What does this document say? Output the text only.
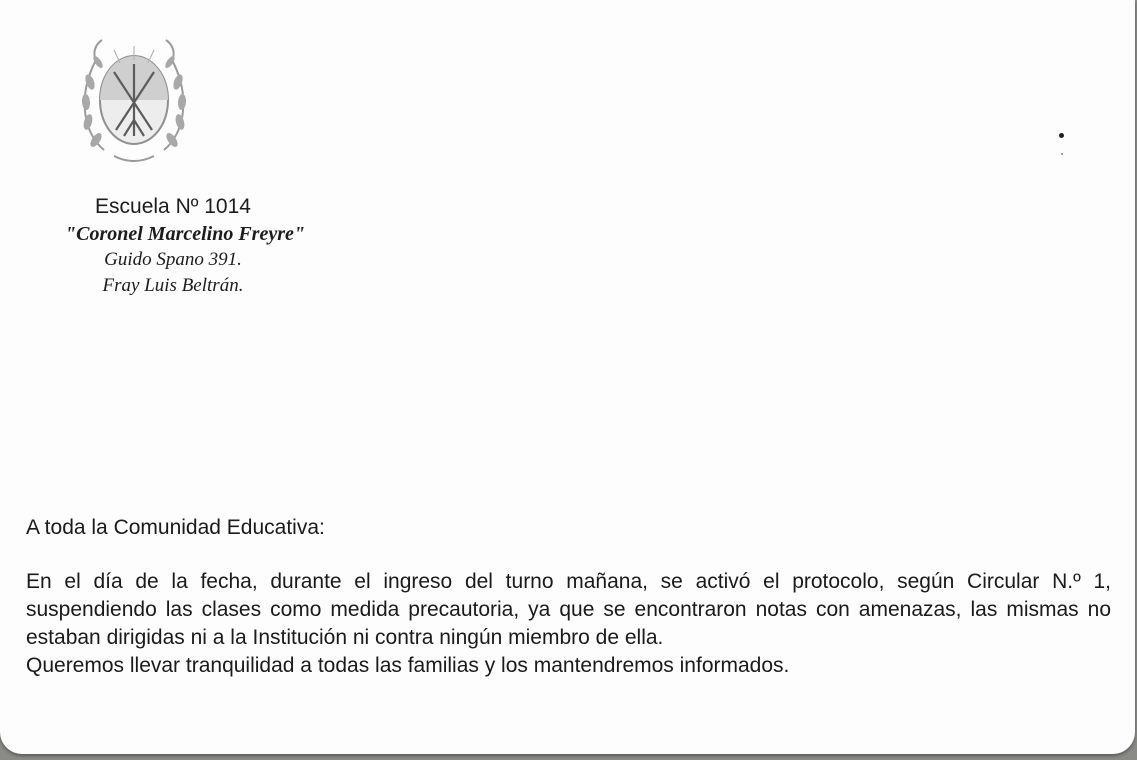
Escuela Nº 1014
"Coronel Marcelino Freyre"
Guido Spano 391.
Fray Luis Beltrán.
A toda la Comunidad Educativa:

En el día de la fecha, durante el ingreso del turno mañana, se activó el protocolo, según Circular N.º 1, suspendiendo las clases como medida precautoria, ya que se encontraron notas con amenazas, las mismas no estaban dirigidas ni a la Institución ni contra ningún miembro de ella.

Queremos llevar tranquilidad a todas las familias y los mantendremos informados.
